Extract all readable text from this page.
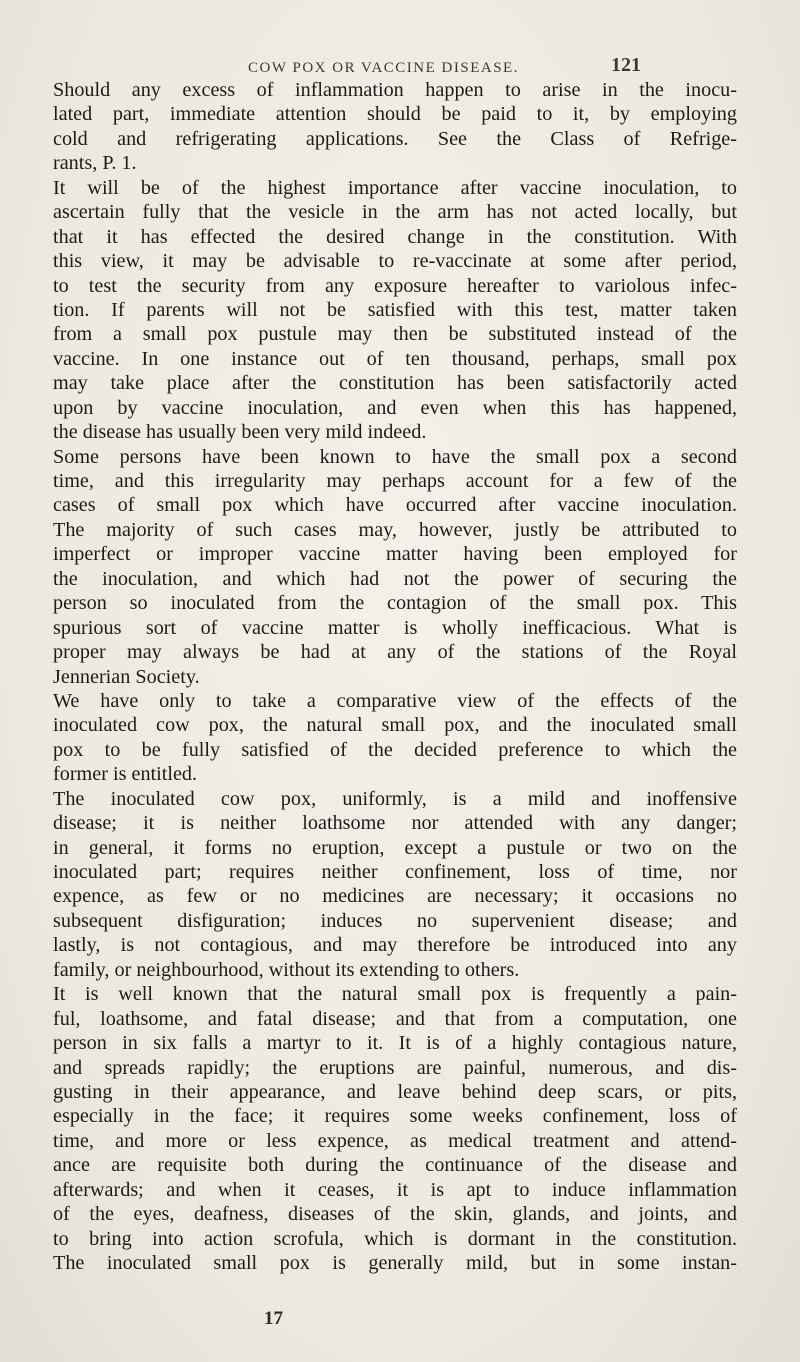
COW POX OR VACCINE DISEASE.	121
Should any excess of inflammation happen to arise in the inocu-
lated part, immediate attention should be paid to it, by employing
cold and refrigerating applications. See the Class of Refrige-
rants, P. 1.
It will be of the highest importance after vaccine inoculation, to
ascertain fully that the vesicle in the arm has not acted locally, but
that it has effected the desired change in the constitution. With
this view, it may be advisable to re-vaccinate at some after period,
to test the security from any exposure hereafter to variolous infec-
tion. If parents will not be satisfied with this test, matter taken
from a small pox pustule may then be substituted instead of the
vaccine. In one instance out of ten thousand, perhaps, small pox
may take place after the constitution has been satisfactorily acted
upon by vaccine inoculation, and even when this has happened,
the disease has usually been very mild indeed.
Some persons have been known to have the small pox a second
time, and this irregularity may perhaps account for a few of the
cases of small pox which have occurred after vaccine inoculation.
The majority of such cases may, however, justly be attributed to
imperfect or improper vaccine matter having been employed for
the inoculation, and which had not the power of securing the
person so inoculated from the contagion of the small pox. This
spurious sort of vaccine matter is wholly inefficacious. What is
proper may always be had at any of the stations of the Royal
Jennerian Society.
We have only to take a comparative view of the effects of the
inoculated cow pox, the natural small pox, and the inoculated small
pox to be fully satisfied of the decided preference to which the
former is entitled.
The inoculated cow pox, uniformly, is a mild and inoffensive
disease; it is neither loathsome nor attended with any danger;
in general, it forms no eruption, except a pustule or two on the
inoculated part; requires neither confinement, loss of time, nor
expence, as few or no medicines are necessary; it occasions no
subsequent disfiguration; induces no supervenient disease; and
lastly, is not contagious, and may therefore be introduced into any
family, or neighbourhood, without its extending to others.
It is well known that the natural small pox is frequently a pain-
ful, loathsome, and fatal disease; and that from a computation, one
person in six falls a martyr to it. It is of a highly contagious nature,
and spreads rapidly; the eruptions are painful, numerous, and dis-
gusting in their appearance, and leave behind deep scars, or pits,
especially in the face; it requires some weeks confinement, loss of
time, and more or less expence, as medical treatment and attend-
ance are requisite both during the continuance of the disease and
afterwards; and when it ceases, it is apt to induce inflammation
of the eyes, deafness, diseases of the skin, glands, and joints, and
to bring into action scrofula, which is dormant in the constitution.
The inoculated small pox is generally mild, but in some instan-
17
